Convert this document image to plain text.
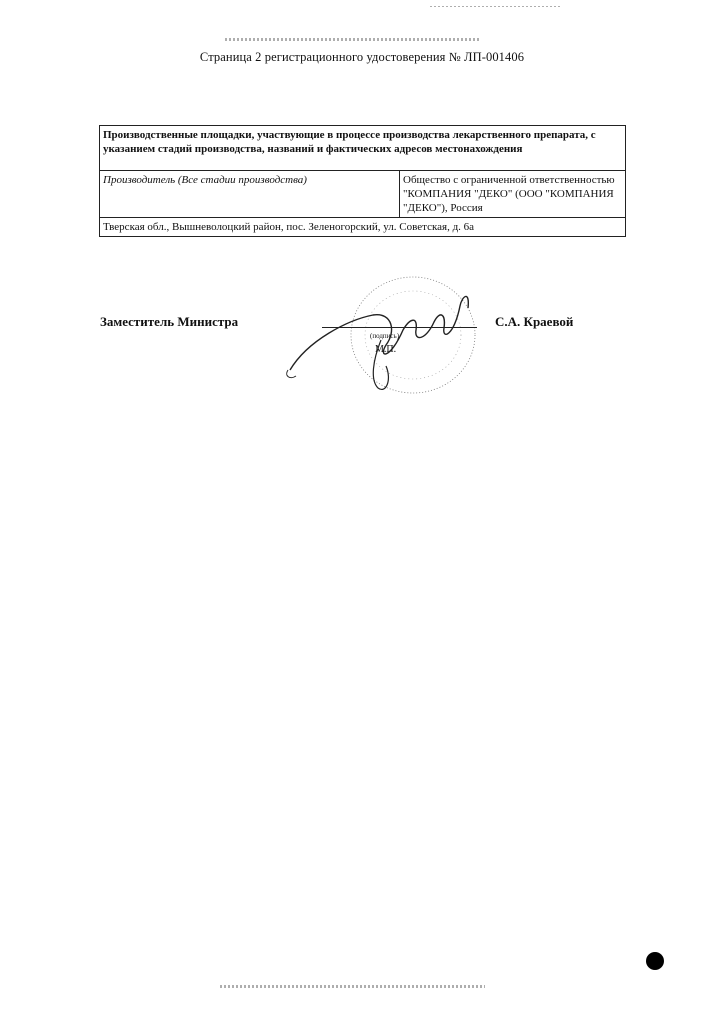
Страница 2 регистрационного удостоверения № ЛП-001406
Производственные площадки, участвующие в процессе производства лекарственного препарата, с указанием стадий производства, названий и фактических адресов местонахождения
Производитель (Все стадии производства)	Общество с ограниченной ответственностью "КОМПАНИЯ "ДЕКО" (ООО "КОМПАНИЯ "ДЕКО"), Россия
Тверская обл., Вышневолоцкий район, пос. Зеленогорский, ул. Советская, д. 6а
Заместитель Министра
(подпись)
М.П.
С.А. Краевой
